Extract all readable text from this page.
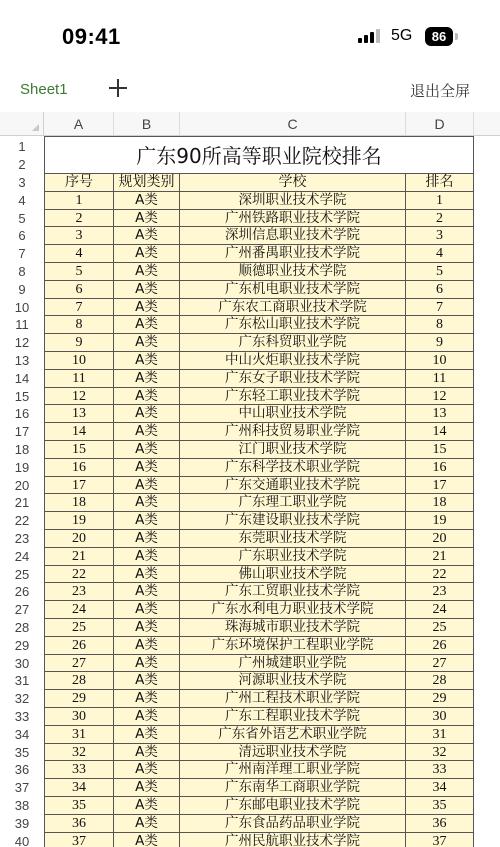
09:41	5G	86
Sheet1	退出全屏
A	B	C	D
1
2
3
4
5
6
7
8
9
10
11
12
13
14
15
16
17
18
19
20
21
22
23
24
25
26
27
28
29
30
31
32
33
34
35
36
37
38
39
40
广东90所高等职业院校排名
序号	规划类别	学校	排名
1	A类	深圳职业技术学院	1
2	A类	广州铁路职业技术学院	2
3	A类	深圳信息职业技术学院	3
4	A类	广州番禺职业技术学院	4
5	A类	顺德职业技术学院	5
6	A类	广东机电职业技术学院	6
7	A类	广东农工商职业技术学院	7
8	A类	广东松山职业技术学院	8
9	A类	广东科贸职业学院	9
10	A类	中山火炬职业技术学院	10
11	A类	广东女子职业技术学院	11
12	A类	广东轻工职业技术学院	12
13	A类	中山职业技术学院	13
14	A类	广州科技贸易职业学院	14
15	A类	江门职业技术学院	15
16	A类	广东科学技术职业学院	16
17	A类	广东交通职业技术学院	17
18	A类	广东理工职业学院	18
19	A类	广东建设职业技术学院	19
20	A类	东莞职业技术学院	20
21	A类	广东职业技术学院	21
22	A类	佛山职业技术学院	22
23	A类	广东工贸职业技术学院	23
24	A类	广东水利电力职业技术学院	24
25	A类	珠海城市职业技术学院	25
26	A类	广东环境保护工程职业学院	26
27	A类	广州城建职业学院	27
28	A类	河源职业技术学院	28
29	A类	广州工程技术职业学院	29
30	A类	广东工程职业技术学院	30
31	A类	广东省外语艺术职业学院	31
32	A类	清远职业技术学院	32
33	A类	广州南洋理工职业学院	33
34	A类	广东南华工商职业学院	34
35	A类	广东邮电职业技术学院	35
36	A类	广东食品药品职业学院	36
37	A类	广州民航职业技术学院	37
